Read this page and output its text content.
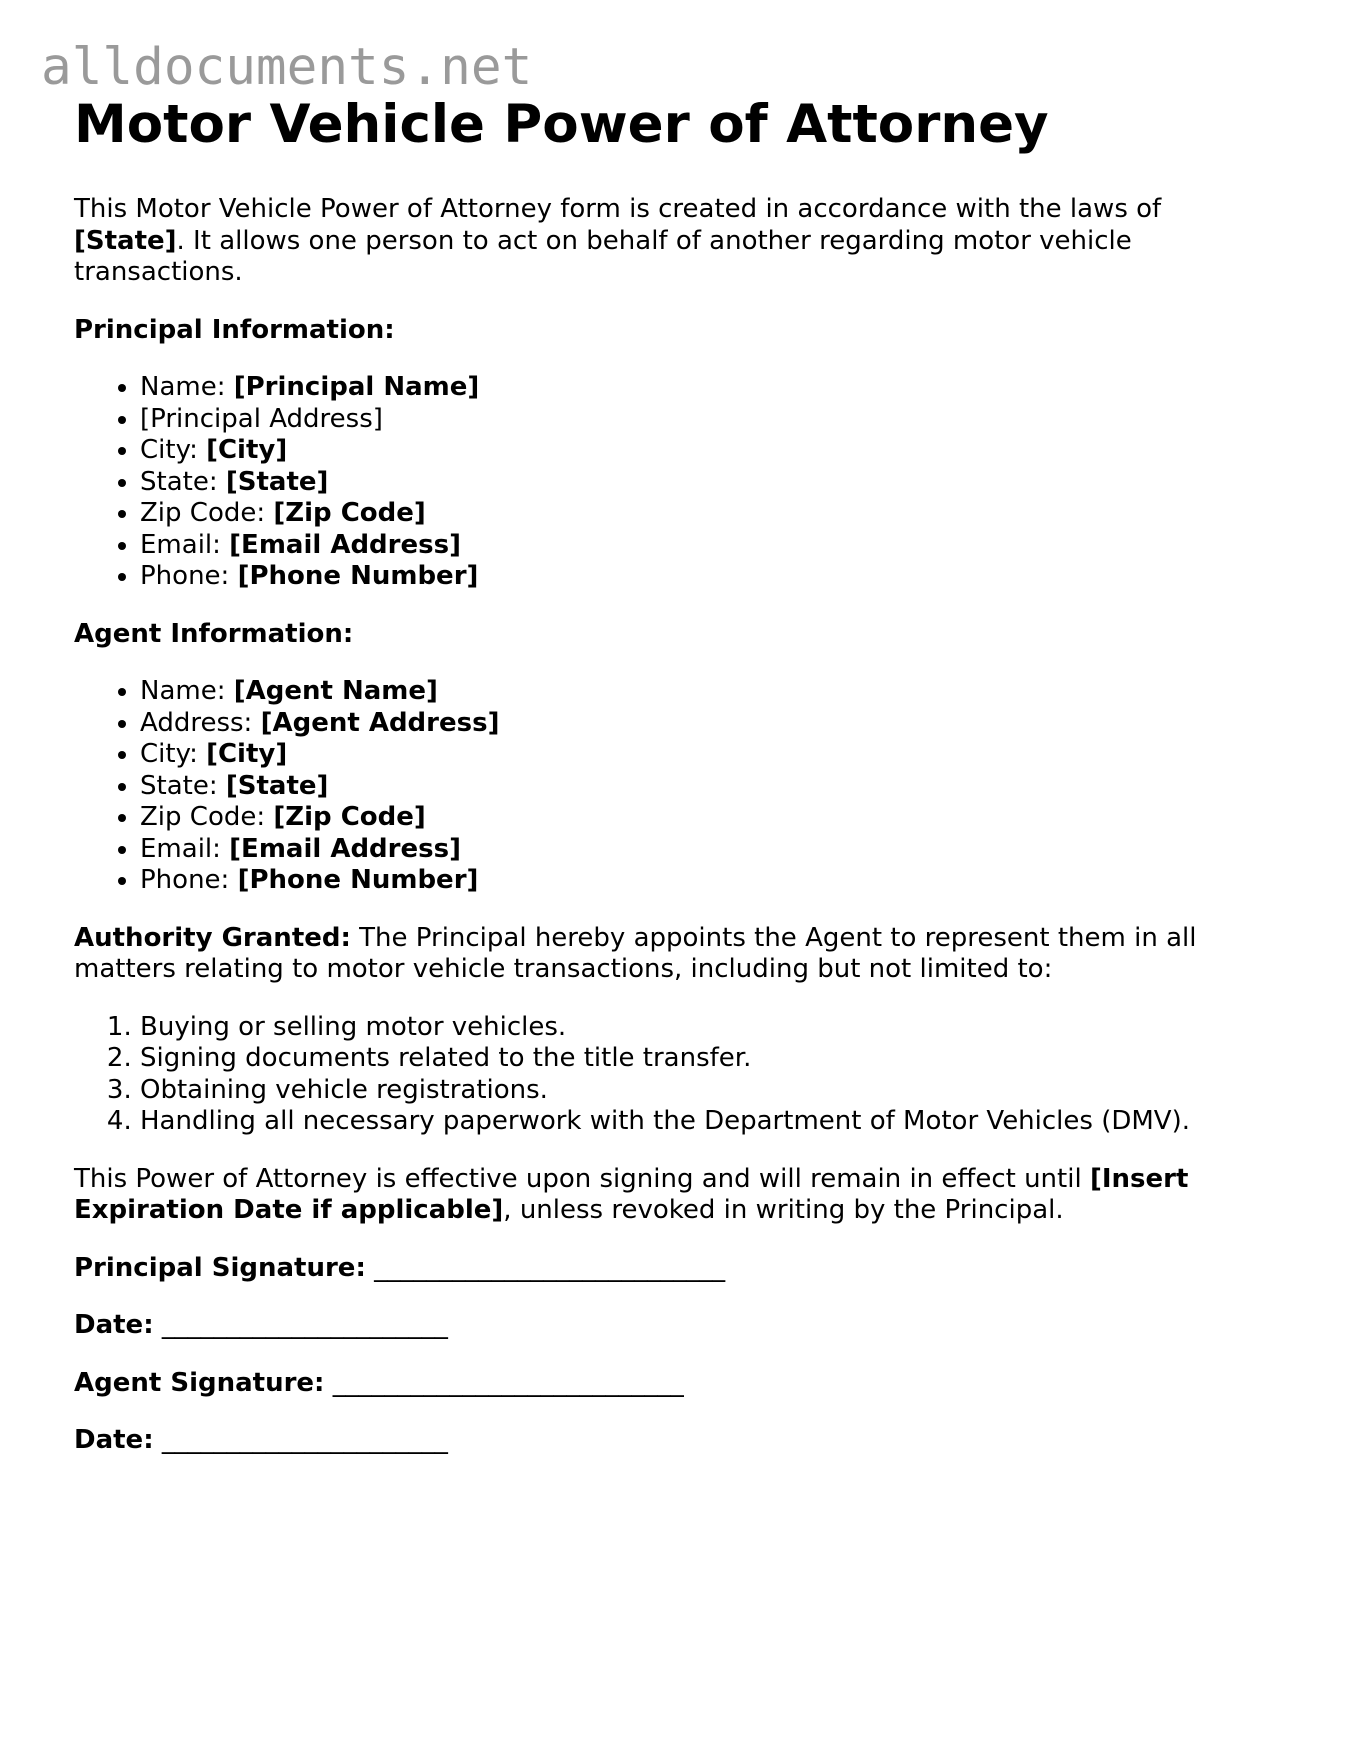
alldocuments.net
Motor Vehicle Power of Attorney

This Motor Vehicle Power of Attorney form is created in accordance with the laws of [State]. It allows one person to act on behalf of another regarding motor vehicle transactions.

Principal Information:

• Name: [Principal Name]
• [Principal Address]
• City: [City]
• State: [State]
• Zip Code: [Zip Code]
• Email: [Email Address]
• Phone: [Phone Number]

Agent Information:

• Name: [Agent Name]
• Address: [Agent Address]
• City: [City]
• State: [State]
• Zip Code: [Zip Code]
• Email: [Email Address]
• Phone: [Phone Number]

Authority Granted: The Principal hereby appoints the Agent to represent them in all matters relating to motor vehicle transactions, including but not limited to:

1. Buying or selling motor vehicles.
2. Signing documents related to the title transfer.
3. Obtaining vehicle registrations.
4. Handling all necessary paperwork with the Department of Motor Vehicles (DMV).

This Power of Attorney is effective upon signing and will remain in effect until [Insert Expiration Date if applicable], unless revoked in writing by the Principal.

Principal Signature: ___________________________

Date: ______________________

Agent Signature: ___________________________

Date: ______________________
